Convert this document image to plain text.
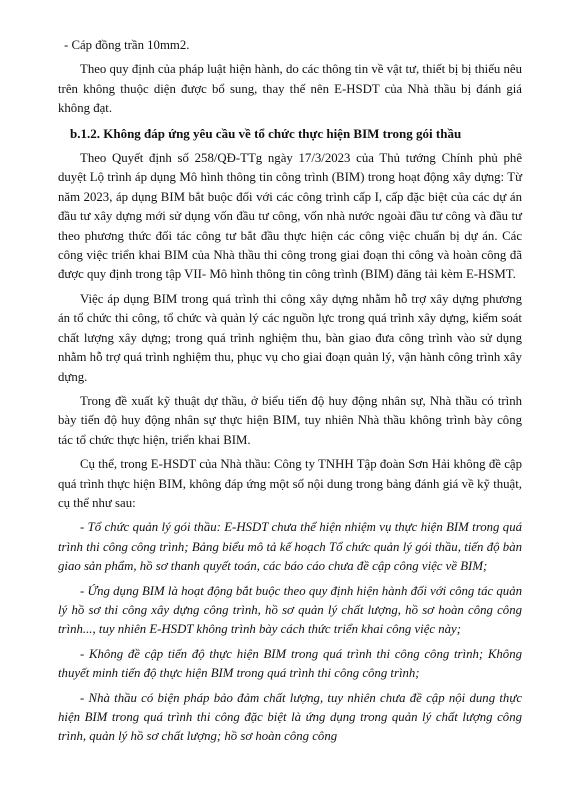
- Cáp đồng trần 10mm2.

Theo quy định của pháp luật hiện hành, do các thông tin về vật tư, thiết bị bị thiếu nêu trên không thuộc diện được bổ sung, thay thế nên E-HSDT của Nhà thầu bị đánh giá không đạt.

b.1.2. Không đáp ứng yêu cầu về tổ chức thực hiện BIM trong gói thầu

Theo Quyết định số 258/QĐ-TTg ngày 17/3/2023 của Thủ tướng Chính phủ phê duyệt Lộ trình áp dụng Mô hình thông tin công trình (BIM) trong hoạt động xây dựng: Từ năm 2023, áp dụng BIM bắt buộc đối với các công trình cấp I, cấp đặc biệt của các dự án đầu tư xây dựng mới sử dụng vốn đầu tư công, vốn nhà nước ngoài đầu tư công và đầu tư theo phương thức đối tác công tư bắt đầu thực hiện các công việc chuẩn bị dự án. Các công việc triển khai BIM của Nhà thầu thi công trong giai đoạn thi công và hoàn công đã được quy định trong tập VII- Mô hình thông tin công trình (BIM) đăng tải kèm E-HSMT.

Việc áp dụng BIM trong quá trình thi công xây dựng nhằm hỗ trợ xây dựng phương án tổ chức thi công, tổ chức và quản lý các nguồn lực trong quá trình xây dựng, kiểm soát chất lượng xây dựng; trong quá trình nghiệm thu, bàn giao đưa công trình vào sử dụng nhằm hỗ trợ quá trình nghiệm thu, phục vụ cho giai đoạn quản lý, vận hành công trình xây dựng.

Trong đề xuất kỹ thuật dự thầu, ở biểu tiến độ huy động nhân sự, Nhà thầu có trình bày tiến độ huy động nhân sự thực hiện BIM, tuy nhiên Nhà thầu không trình bày công tác tổ chức thực hiện, triển khai BIM.

Cụ thể, trong E-HSDT của Nhà thầu: Công ty TNHH Tập đoàn Sơn Hải không đề cập quá trình thực hiện BIM, không đáp ứng một số nội dung trong bảng đánh giá về kỹ thuật, cụ thể như sau:

- Tổ chức quản lý gói thầu: E-HSDT chưa thể hiện nhiệm vụ thực hiện BIM trong quá trình thi công công trình; Bảng biểu mô tả kế hoạch Tổ chức quản lý gói thầu, tiến độ bàn giao sản phẩm, hồ sơ thanh quyết toán, các báo cáo chưa đề cập công việc về BIM;

- Ứng dụng BIM là hoạt động bắt buộc theo quy định hiện hành đối với công tác quản lý hồ sơ thi công xây dựng công trình, hồ sơ quản lý chất lượng, hồ sơ hoàn công công trình..., tuy nhiên E-HSDT không trình bày cách thức triển khai công việc này;

- Không đề cập tiến độ thực hiện BIM trong quá trình thi công công trình; Không thuyết minh tiến độ thực hiện BIM trong quá trình thi công công trình;

- Nhà thầu có biện pháp bảo đảm chất lượng, tuy nhiên chưa đề cập nội dung thực hiện BIM trong quá trình thi công đặc biệt là ứng dụng trong quản lý chất lượng công trình, quản lý hồ sơ chất lượng; hồ sơ hoàn công công
